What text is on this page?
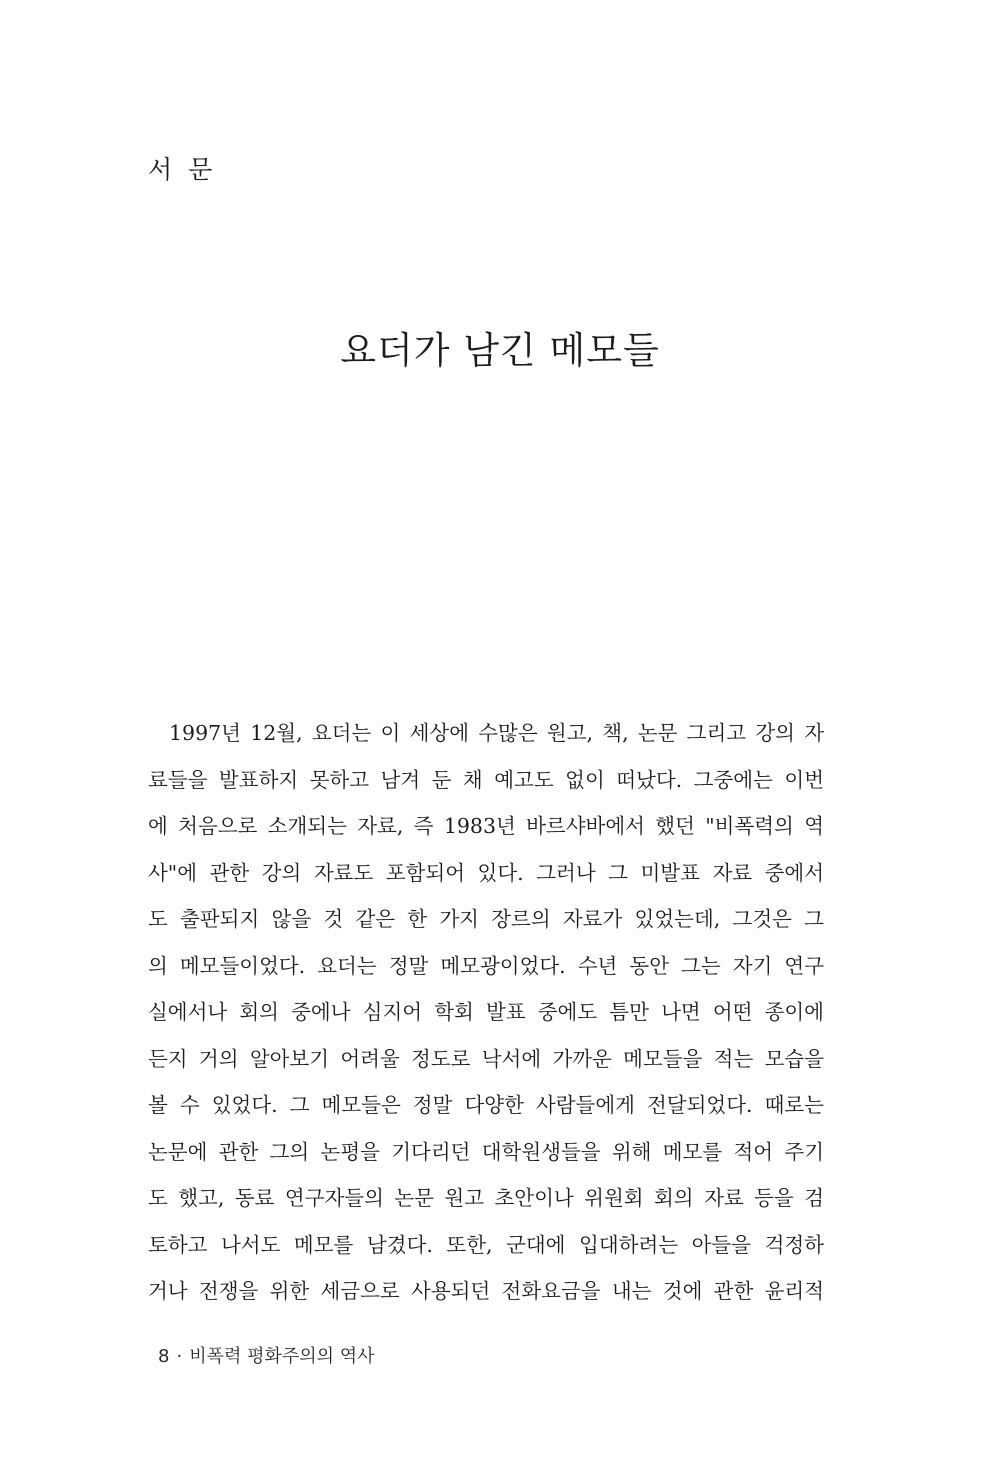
서 문
요더가 남긴 메모들
1997년 12월, 요더는 이 세상에 수많은 원고, 책, 논문 그리고 강의 자
료들을 발표하지 못하고 남겨 둔 채 예고도 없이 떠났다. 그중에는 이번
에 처음으로 소개되는 자료, 즉 1983년 바르샤바에서 했던 "비폭력의 역
사"에 관한 강의 자료도 포함되어 있다. 그러나 그 미발표 자료 중에서
도 출판되지 않을 것 같은 한 가지 장르의 자료가 있었는데, 그것은 그
의 메모들이었다. 요더는 정말 메모광이었다. 수년 동안 그는 자기 연구
실에서나 회의 중에나 심지어 학회 발표 중에도 틈만 나면 어떤 종이에
든지 거의 알아보기 어려울 정도로 낙서에 가까운 메모들을 적는 모습을
볼 수 있었다. 그 메모들은 정말 다양한 사람들에게 전달되었다. 때로는
논문에 관한 그의 논평을 기다리던 대학원생들을 위해 메모를 적어 주기
도 했고, 동료 연구자들의 논문 원고 초안이나 위원회 회의 자료 등을 검
토하고 나서도 메모를 남겼다. 또한, 군대에 입대하려는 아들을 걱정하
거나 전쟁을 위한 세금으로 사용되던 전화요금을 내는 것에 관한 윤리적
8 · 비폭력 평화주의의 역사
